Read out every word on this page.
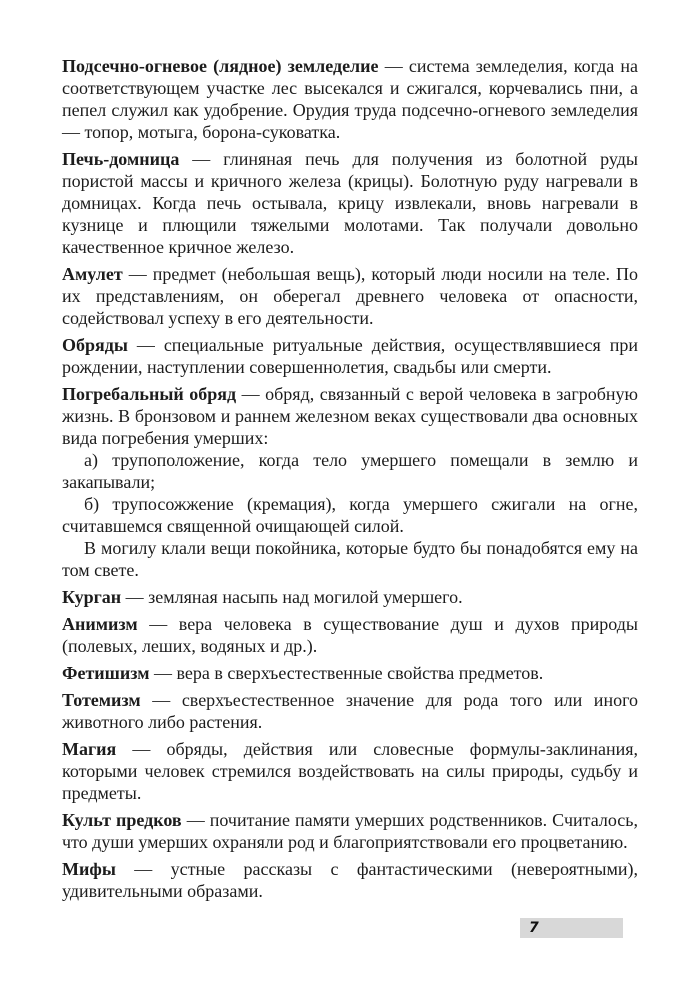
Подсечно-огневое (лядное) земледелие — система земледелия, когда на соответствующем участке лес высекался и сжигался, корчевались пни, а пепел служил как удобрение. Орудия труда подсечно-огневого земледелия — топор, мотыга, борона-суковатка.

Печь-домница — глиняная печь для получения из болотной руды пористой массы и кричного железа (крицы). Болотную руду нагревали в домницах. Когда печь остывала, крицу извлекали, вновь нагревали в кузнице и плющили тяжелыми молотами. Так получали довольно качественное кричное железо.

Амулет — предмет (небольшая вещь), который люди носили на теле. По их представлениям, он оберегал древнего человека от опасности, содействовал успеху в его деятельности.

Обряды — специальные ритуальные действия, осуществлявшиеся при рождении, наступлении совершеннолетия, свадьбы или смерти.

Погребальный обряд — обряд, связанный с верой человека в загробную жизнь. В бронзовом и раннем железном веках существовали два основных вида погребения умерших:

а) трупоположение, когда тело умершего помещали в землю и закапывали;

б) трупосожжение (кремация), когда умершего сжигали на огне, считавшемся священной очищающей силой.

В могилу клали вещи покойника, которые будто бы понадобятся ему на том свете.

Курган — земляная насыпь над могилой умершего.

Анимизм — вера человека в существование душ и духов природы (полевых, леших, водяных и др.).

Фетишизм — вера в сверхъестественные свойства предметов.

Тотемизм — сверхъестественное значение для рода того или иного животного либо растения.

Магия — обряды, действия или словесные формулы-заклинания, которыми человек стремился воздействовать на силы природы, судьбу и предметы.

Культ предков — почитание памяти умерших родственников. Считалось, что души умерших охраняли род и благоприятствовали его процветанию.

Мифы — устные рассказы с фантастическими (невероятными), удивительными образами.

7
